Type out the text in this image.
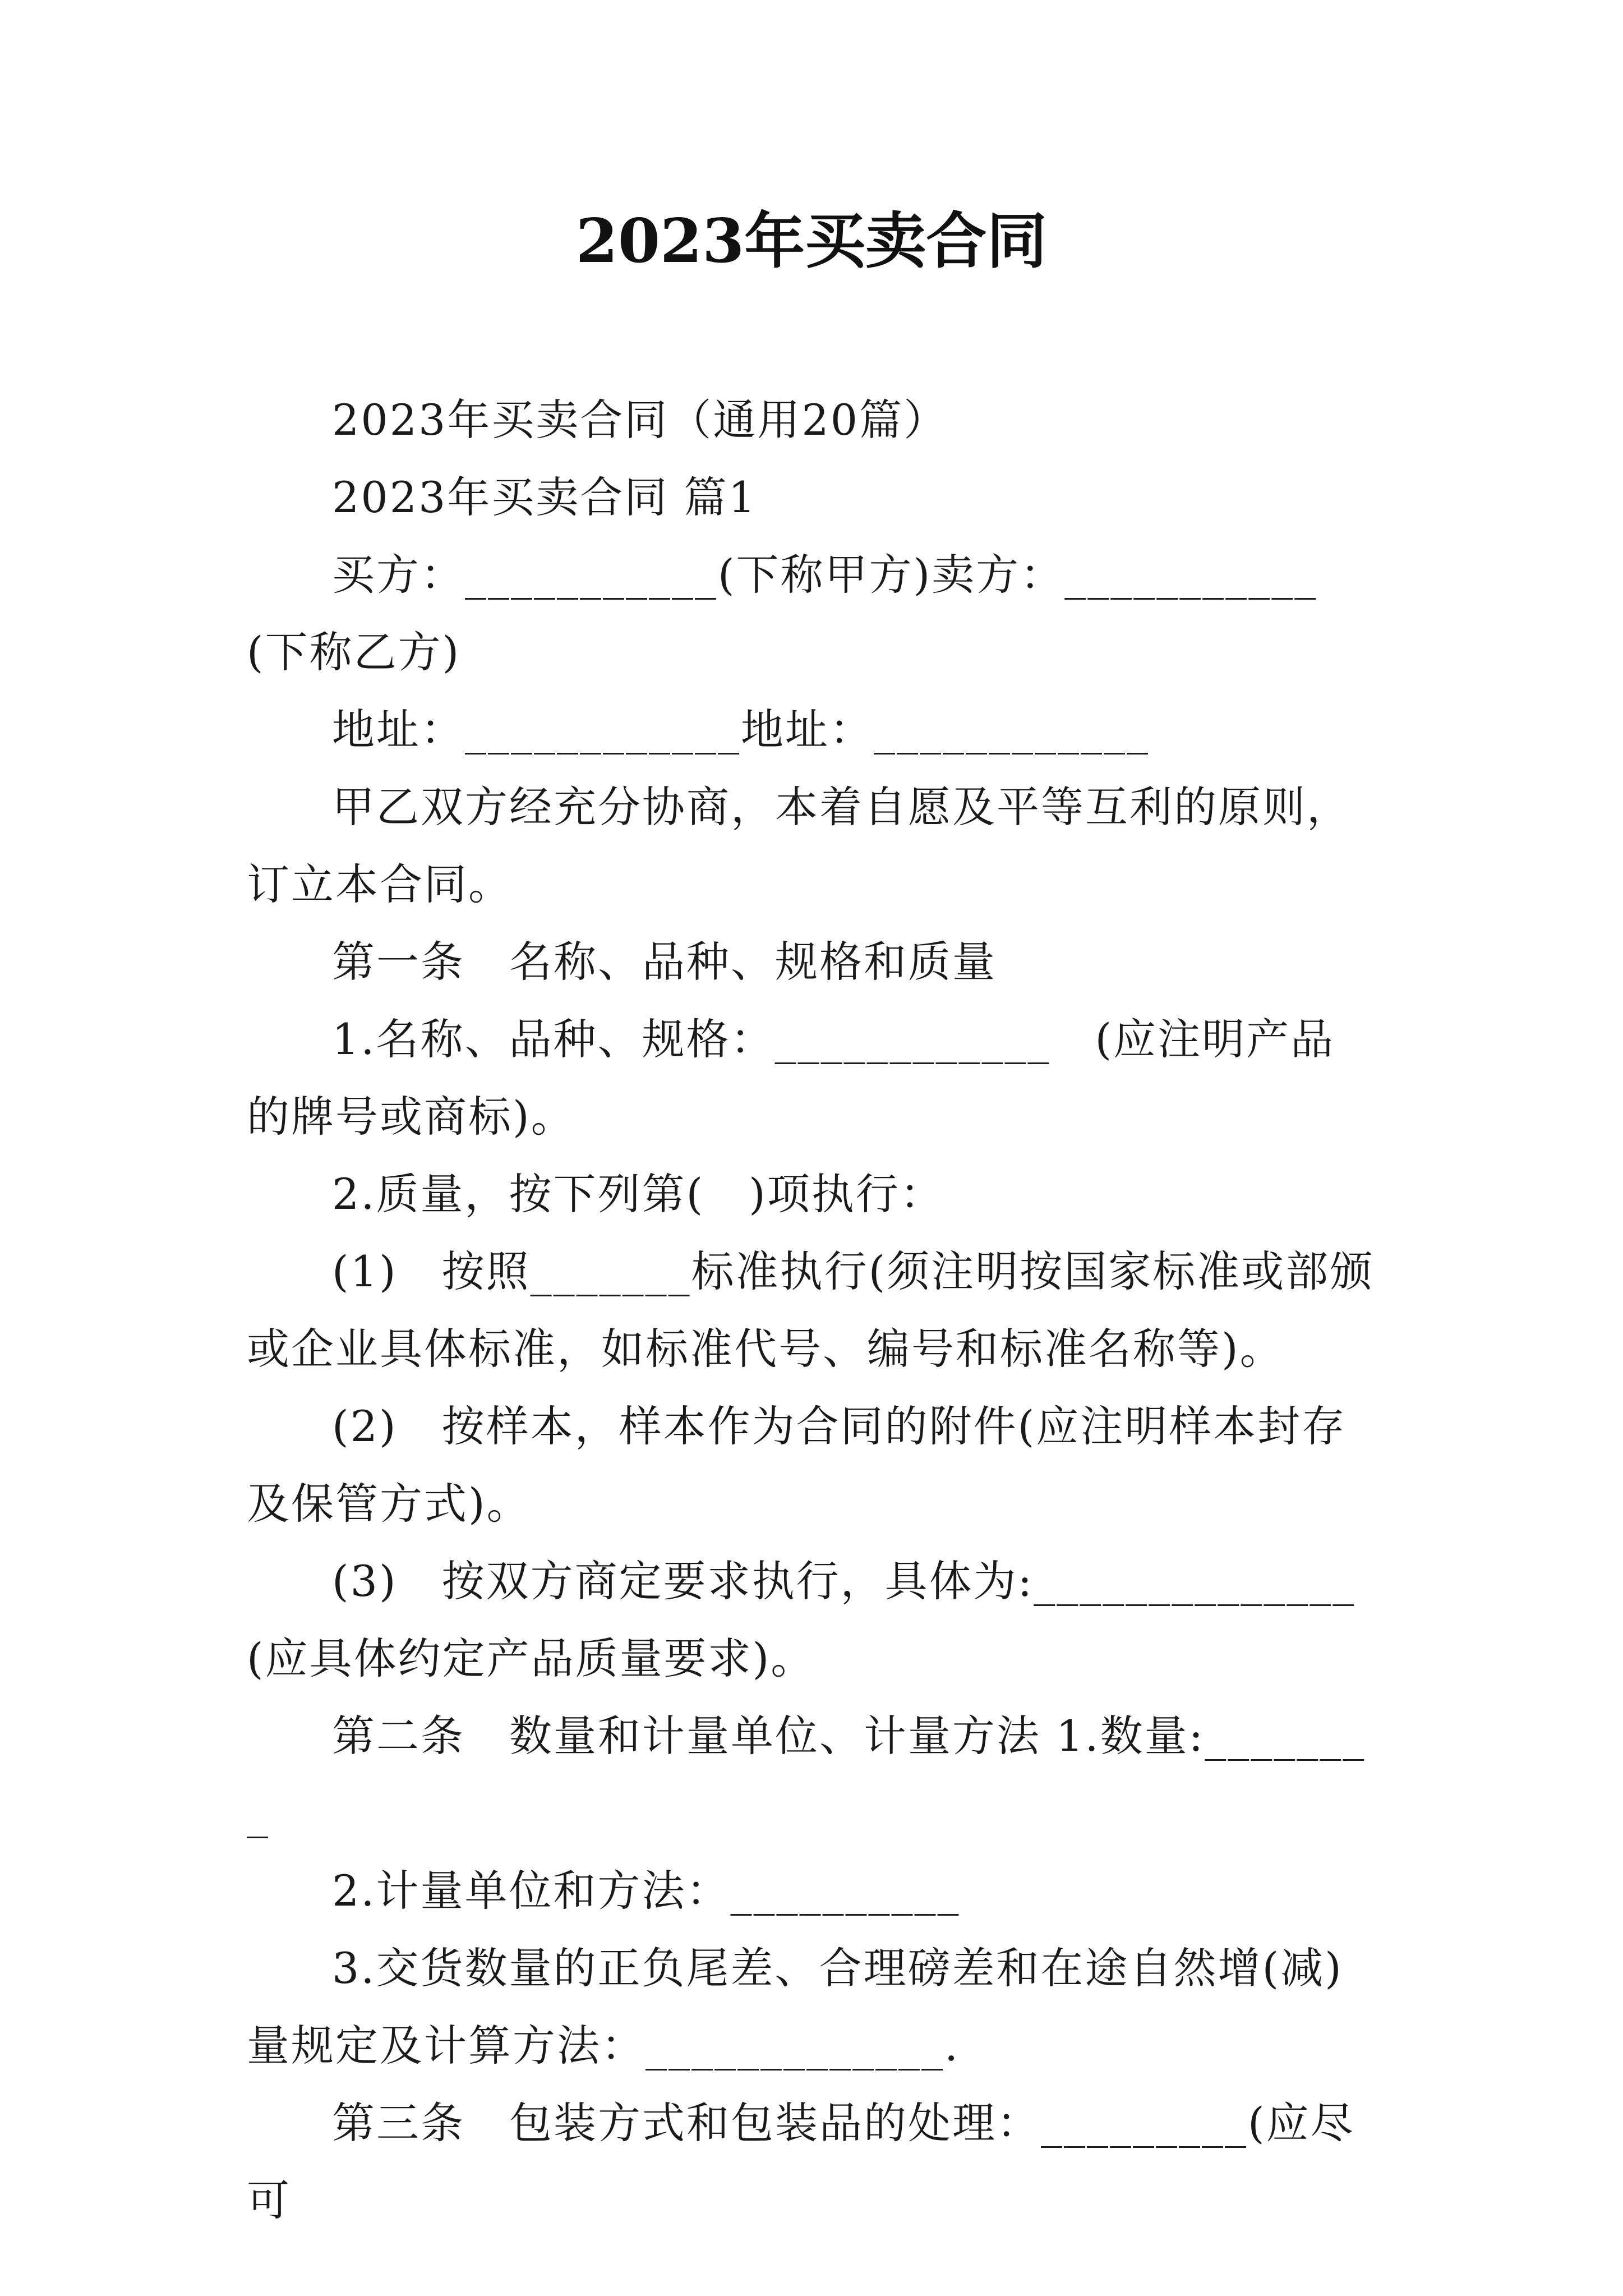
2023年买卖合同

2023年买卖合同（通用20篇）

2023年买卖合同 篇1

买方：___________(下称甲方)卖方：___________(下称乙方)

地址：____________地址：____________

甲乙双方经充分协商，本着自愿及平等互利的原则，订立本合同。

第一条　名称、品种、规格和质量

1.名称、品种、规格：____________　(应注明产品的牌号或商标)。

2.质量，按下列第(　)项执行：

(1)　按照_______标准执行(须注明按国家标准或部颁或企业具体标准，如标准代号、编号和标准名称等)。

(2)　按样本，样本作为合同的附件(应注明样本封存及保管方式)。

(3)　按双方商定要求执行，具体为:______________(应具体约定产品质量要求)。

第二条　数量和计量单位、计量方法 1.数量:________

2.计量单位和方法：__________

3.交货数量的正负尾差、合理磅差和在途自然增(减)量规定及计算方法：_____________.

第三条　包装方式和包装品的处理：_________(应尽可
